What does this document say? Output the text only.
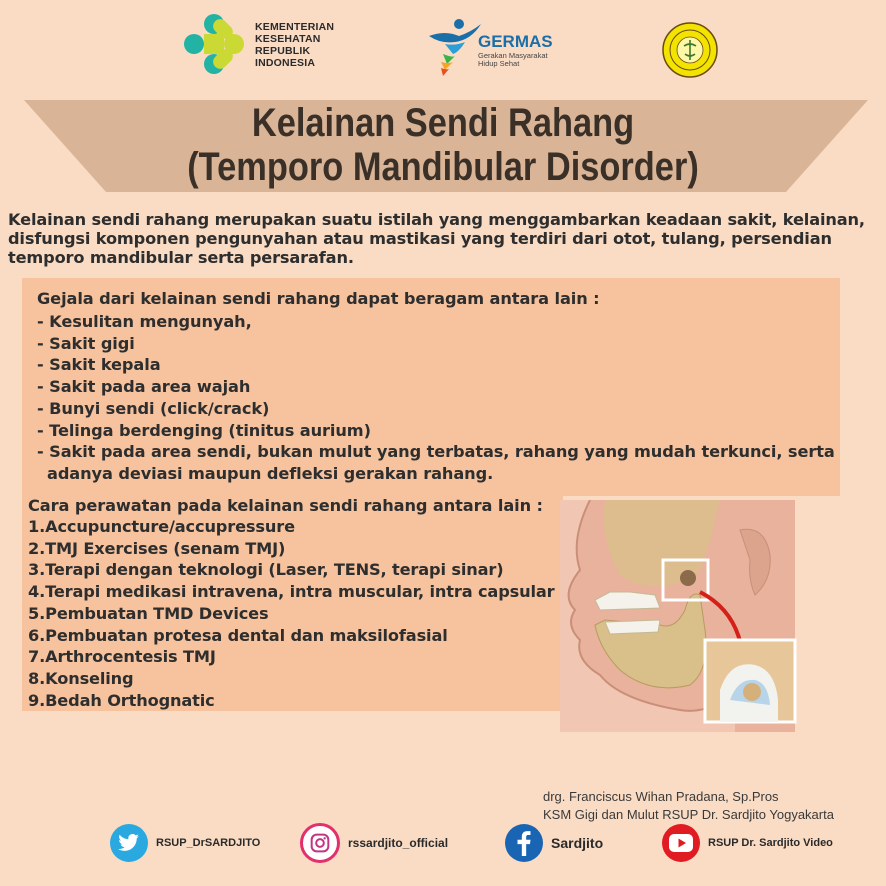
KEMENTERIAN
KESEHATAN
REPUBLIK
INDONESIA
GERMAS
Gerakan Masyarakat
Hidup Sehat
Kelainan Sendi Rahang
(Temporo Mandibular Disorder)
Kelainan sendi rahang merupakan suatu istilah yang menggambarkan keadaan sakit, kelainan,
disfungsi komponen pengunyahan atau mastikasi yang terdiri dari otot, tulang, persendian
temporo mandibular serta persarafan.
Gejala dari kelainan sendi rahang dapat beragam antara lain :
- Kesulitan mengunyah,
- Sakit gigi
- Sakit kepala
- Sakit pada area wajah
- Bunyi sendi (click/crack)
- Telinga berdenging (tinitus aurium)
- Sakit pada area sendi, bukan mulut yang terbatas, rahang yang mudah terkunci, serta
adanya deviasi maupun defleksi gerakan rahang.
Cara perawatan pada kelainan sendi rahang antara lain :
1.Accupuncture/accupressure
2.TMJ Exercises (senam TMJ)
3.Terapi dengan teknologi (Laser, TENS, terapi sinar)
4.Terapi medikasi intravena, intra muscular, intra capsular
5.Pembuatan TMD Devices
6.Pembuatan protesa dental dan maksilofasial
7.Arthrocentesis TMJ
8.Konseling
9.Bedah Orthognatic
drg. Franciscus Wihan Pradana, Sp.Pros
KSM Gigi dan Mulut RSUP Dr. Sardjito Yogyakarta
RSUP_DrSARDJITO	rssardjito_official	Sardjito	RSUP Dr. Sardjito Video
